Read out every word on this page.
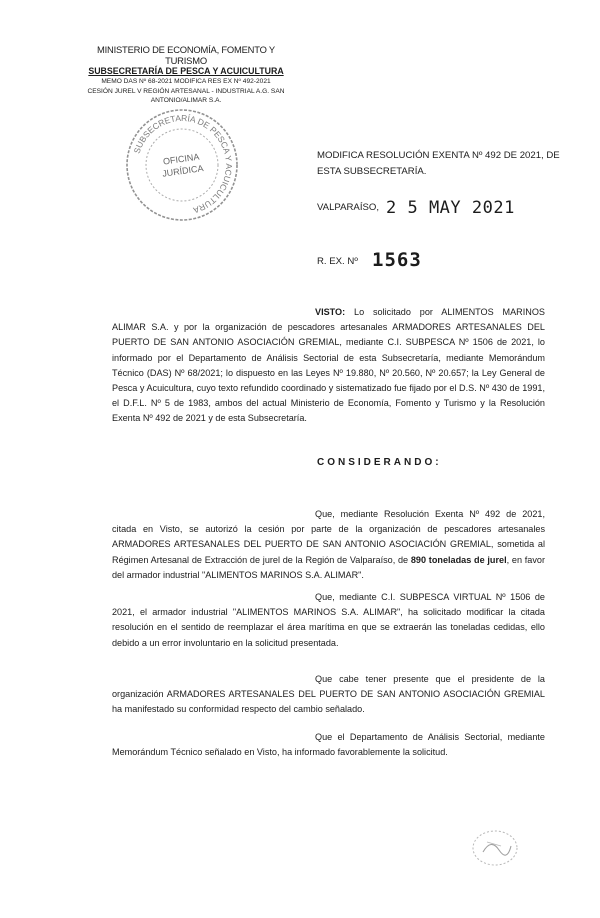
MINISTERIO DE ECONOMÍA, FOMENTO Y TURISMO
SUBSECRETARÍA DE PESCA Y ACUICULTURA
MEMO DAS Nº 68-2021 MODIFICA RES EX Nº 492-2021
CESIÓN JUREL V REGIÓN ARTESANAL - INDUSTRIAL A.G. SAN
ANTONIO/ALIMAR S.A.
SUBSECRETARÍA DE PESCA Y ACUICULTURA
OFICINA
JURÍDICA
MODIFICA RESOLUCIÓN EXENTA Nº 492 DE 2021, DE ESTA SUBSECRETARÍA.
VALPARAÍSO, 2 5 MAY 2021
R. EX. Nº 1563
VISTO: Lo solicitado por ALIMENTOS MARINOS ALIMAR S.A. y por la organización de pescadores artesanales ARMADORES ARTESANALES DEL PUERTO DE SAN ANTONIO ASOCIACIÓN GREMIAL, mediante C.I. SUBPESCA Nº 1506 de 2021, lo informado por el Departamento de Análisis Sectorial de esta Subsecretaría, mediante Memorándum Técnico (DAS) Nº 68/2021; lo dispuesto en las Leyes Nº 19.880, Nº 20.560, Nº 20.657; la Ley General de Pesca y Acuicultura, cuyo texto refundido coordinado y sistematizado fue fijado por el D.S. Nº 430 de 1991, el D.F.L. Nº 5 de 1983, ambos del actual Ministerio de Economía, Fomento y Turismo y la Resolución Exenta Nº 492 de 2021 y de esta Subsecretaría.
CONSIDERANDO:
Que, mediante Resolución Exenta Nº 492 de 2021, citada en Visto, se autorizó la cesión por parte de la organización de pescadores artesanales ARMADORES ARTESANALES DEL PUERTO DE SAN ANTONIO ASOCIACIÓN GREMIAL, sometida al Régimen Artesanal de Extracción de jurel de la Región de Valparaíso, de 890 toneladas de jurel, en favor del armador industrial "ALIMENTOS MARINOS S.A. ALIMAR".
Que, mediante C.I. SUBPESCA VIRTUAL Nº 1506 de 2021, el armador industrial "ALIMENTOS MARINOS S.A. ALIMAR", ha solicitado modificar la citada resolución en el sentido de reemplazar el área marítima en que se extraerán las toneladas cedidas, ello debido a un error involuntario en la solicitud presentada.
Que cabe tener presente que el presidente de la organización ARMADORES ARTESANALES DEL PUERTO DE SAN ANTONIO ASOCIACIÓN GREMIAL ha manifestado su conformidad respecto del cambio señalado.
Que el Departamento de Análisis Sectorial, mediante Memorándum Técnico señalado en Visto, ha informado favorablemente la solicitud.
